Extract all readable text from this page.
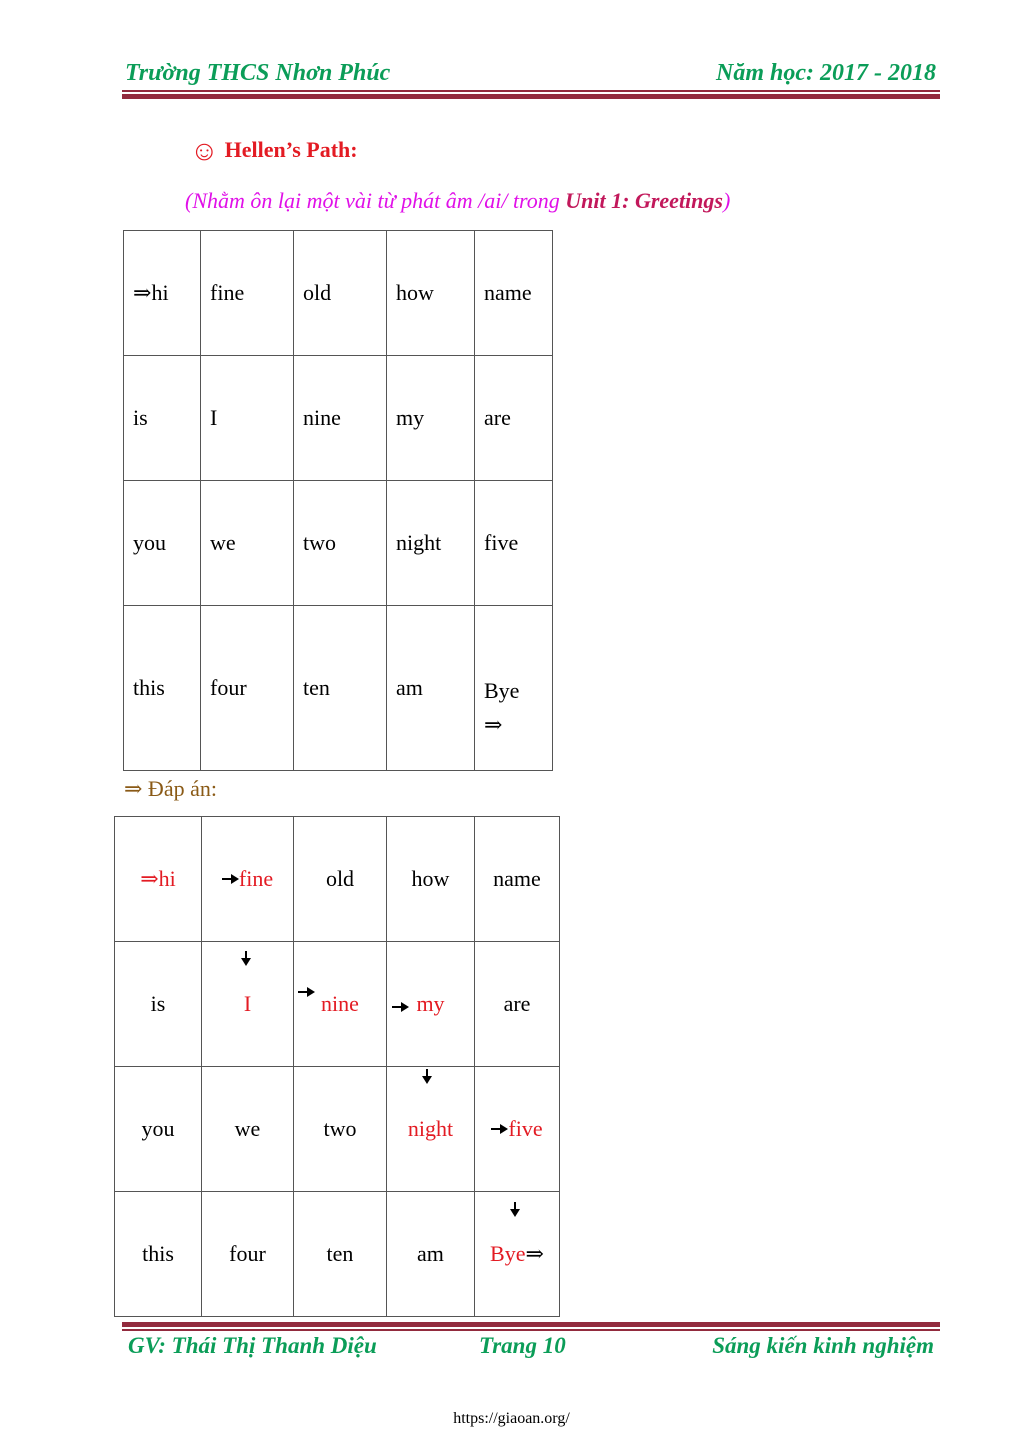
Trường THCS Nhơn Phúc	Năm học: 2017 - 2018
☺ Hellen’s Path:
(Nhằm ôn lại một vài từ phát âm /ai/ trong Unit 1: Greetings)
⇒hi	fine	old	how	name
is	I	nine	my	are
you	we	two	night	five
this	four	ten	am	Bye
⇒
⇒ Đáp án:
⇒hi	fine	old	how	name
is	I	nine	my	are
you	we	two	night	five
this	four	ten	am	Bye⇒
GV: Thái Thị Thanh Diệu	Trang 10	Sáng kiến kinh nghiệm
https://giaoan.org/
